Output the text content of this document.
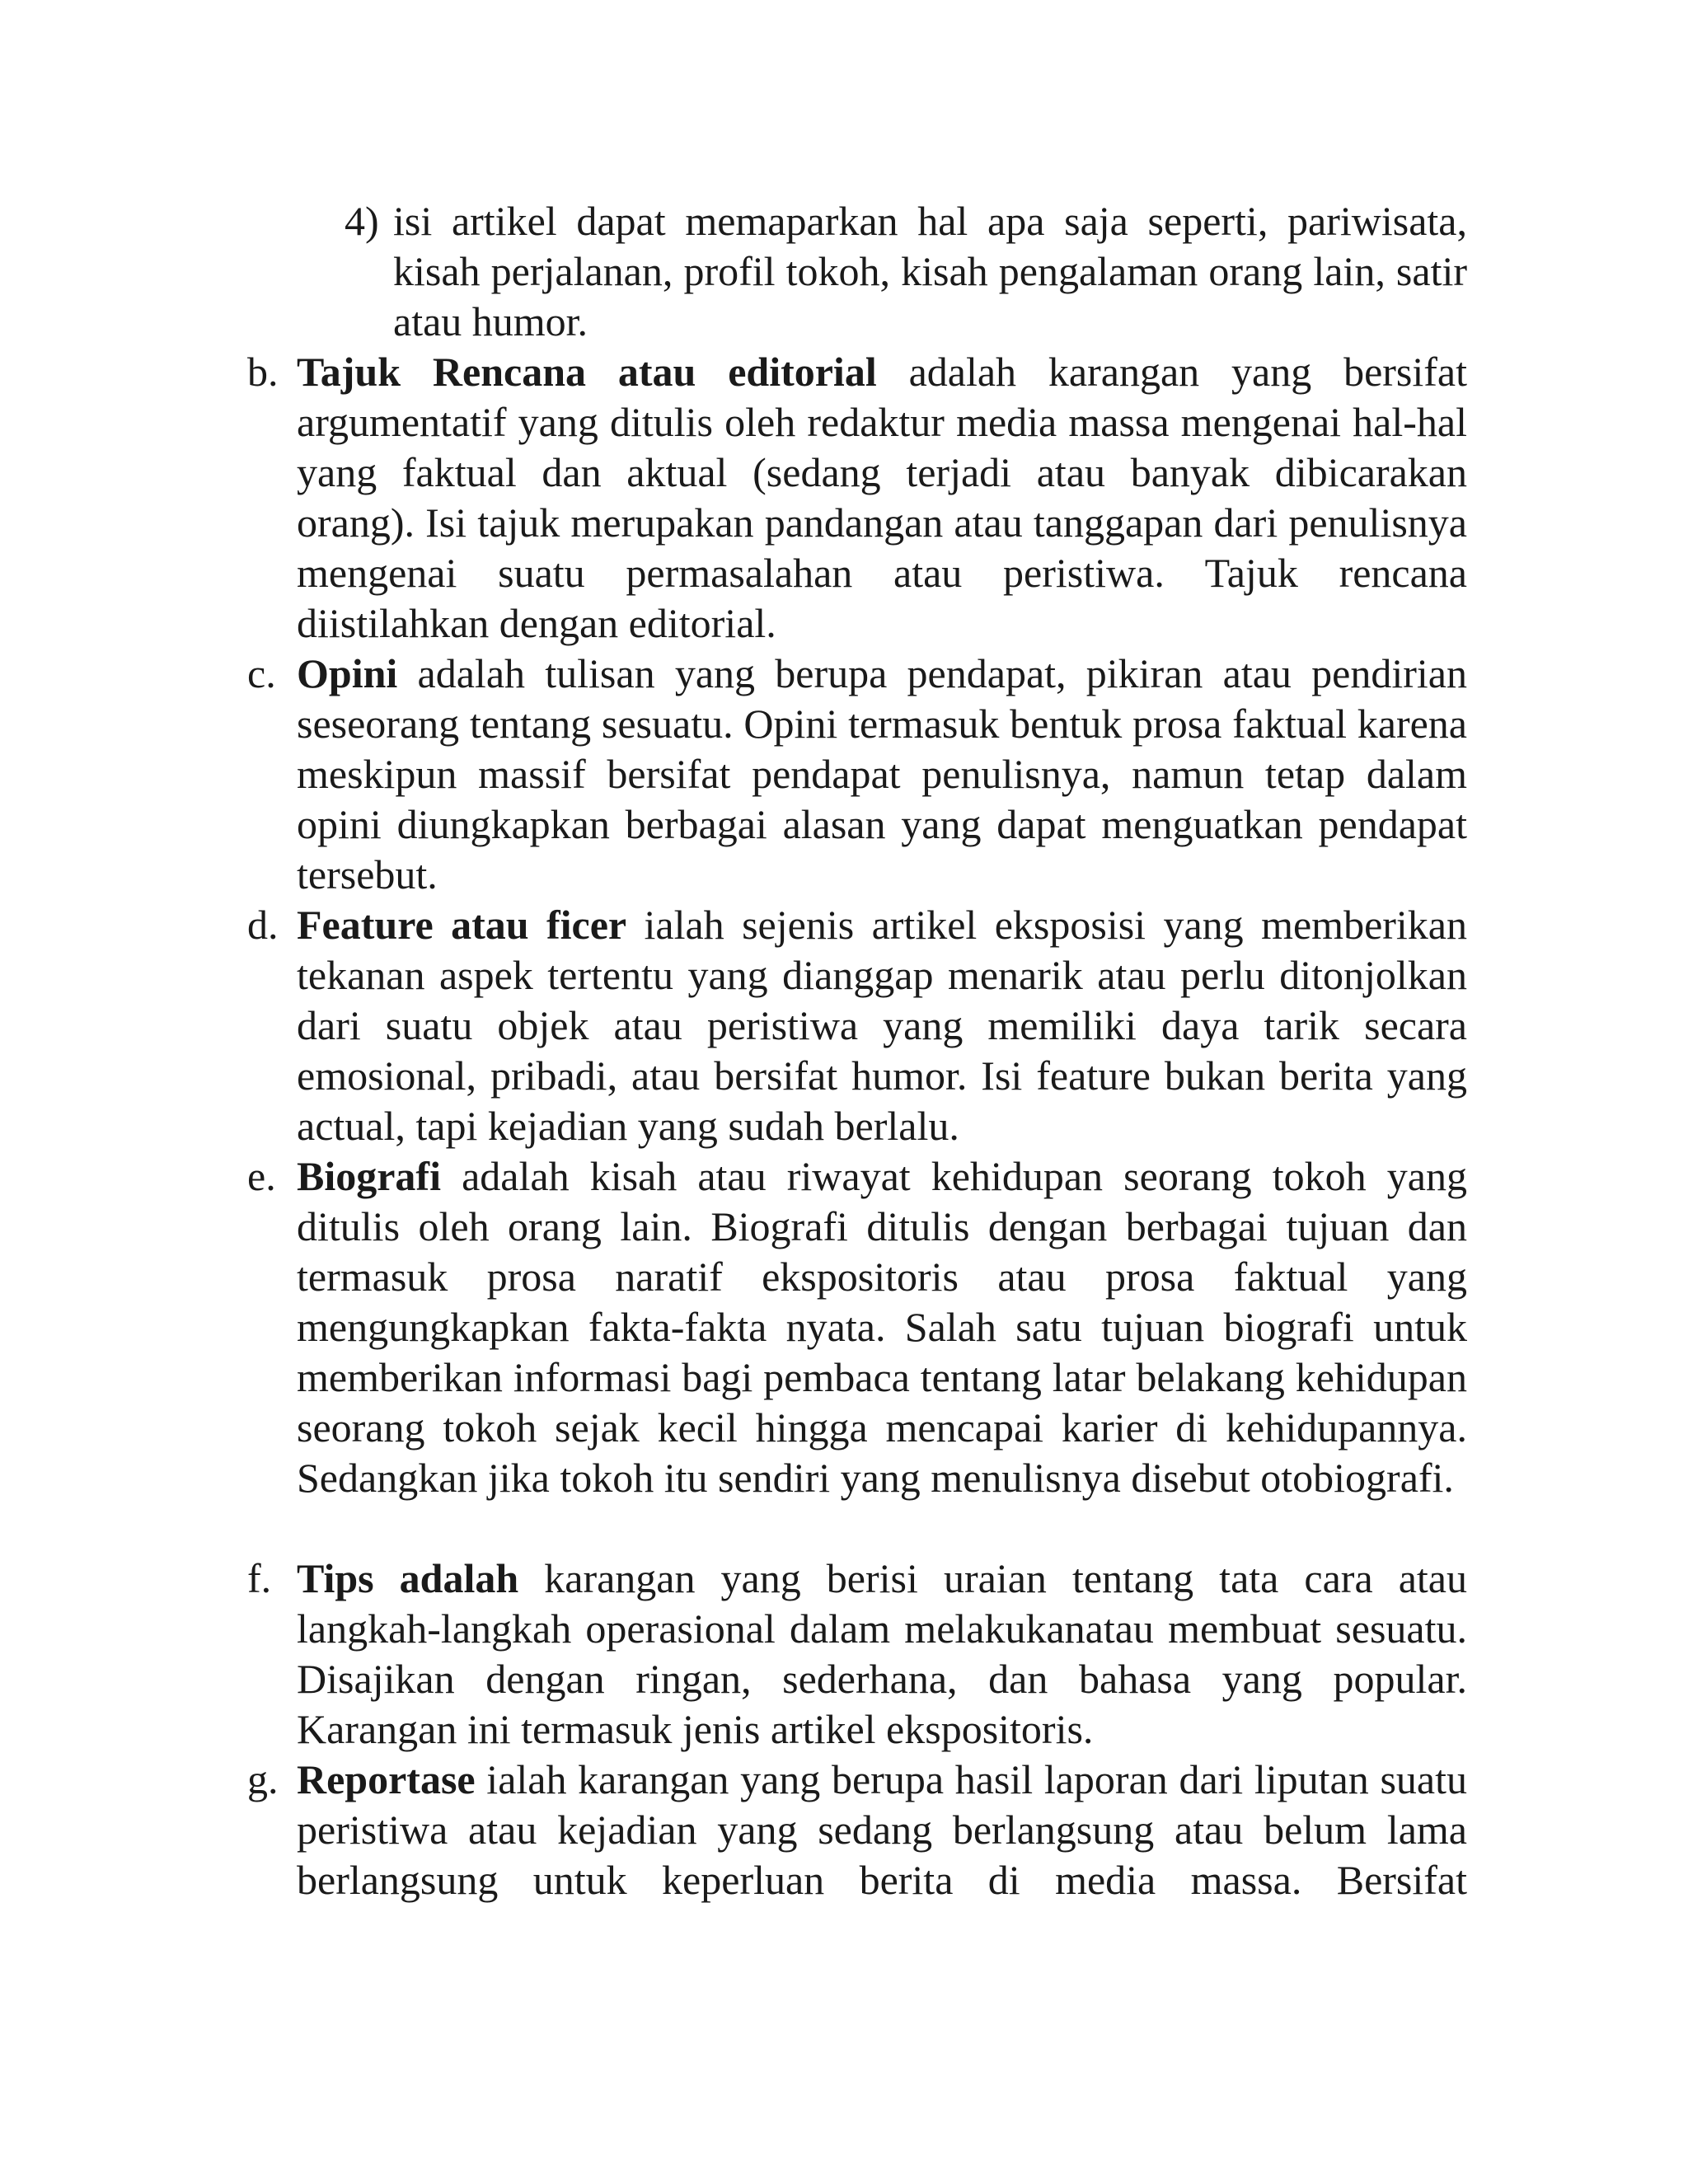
4) isi artikel dapat memaparkan hal apa saja seperti, pariwisata, kisah perjalanan, profil tokoh, kisah pengalaman orang lain, satir atau humor.
b. Tajuk Rencana atau editorial adalah karangan yang bersifat argumentatif yang ditulis oleh redaktur media massa mengenai hal-hal yang faktual dan aktual (sedang terjadi atau banyak dibicarakan orang). Isi tajuk merupakan pandangan atau tanggapan dari penulisnya mengenai suatu permasalahan atau peristiwa. Tajuk rencana diistilahkan dengan editorial.
c. Opini adalah tulisan yang berupa pendapat, pikiran atau pendirian seseorang tentang sesuatu. Opini termasuk bentuk prosa faktual karena meskipun massif bersifat pendapat penulisnya, namun tetap dalam opini diungkapkan berbagai alasan yang dapat menguatkan pendapat tersebut.
d. Feature atau ficer ialah sejenis artikel eksposisi yang memberikan tekanan aspek tertentu yang dianggap menarik atau perlu ditonjolkan dari suatu objek atau peristiwa yang memiliki daya tarik secara emosional, pribadi, atau bersifat humor. Isi feature bukan berita yang actual, tapi kejadian yang sudah berlalu.
e. Biografi adalah kisah atau riwayat kehidupan seorang tokoh yang ditulis oleh orang lain. Biografi ditulis dengan berbagai tujuan dan termasuk prosa naratif ekspositoris atau prosa faktual yang mengungkapkan fakta-fakta nyata. Salah satu tujuan biografi untuk memberikan informasi bagi pembaca tentang latar belakang kehidupan seorang tokoh sejak kecil hingga mencapai karier di kehidupannya. Sedangkan jika tokoh itu sendiri yang menulisnya disebut otobiografi.
f. Tips adalah karangan yang berisi uraian tentang tata cara atau langkah-langkah operasional dalam melakukanatau membuat sesuatu. Disajikan dengan ringan, sederhana, dan bahasa yang popular. Karangan ini termasuk jenis artikel ekspositoris.
g. Reportase ialah karangan yang berupa hasil laporan dari liputan suatu peristiwa atau kejadian yang sedang berlangsung atau belum lama berlangsung untuk keperluan berita di media massa. Bersifat
